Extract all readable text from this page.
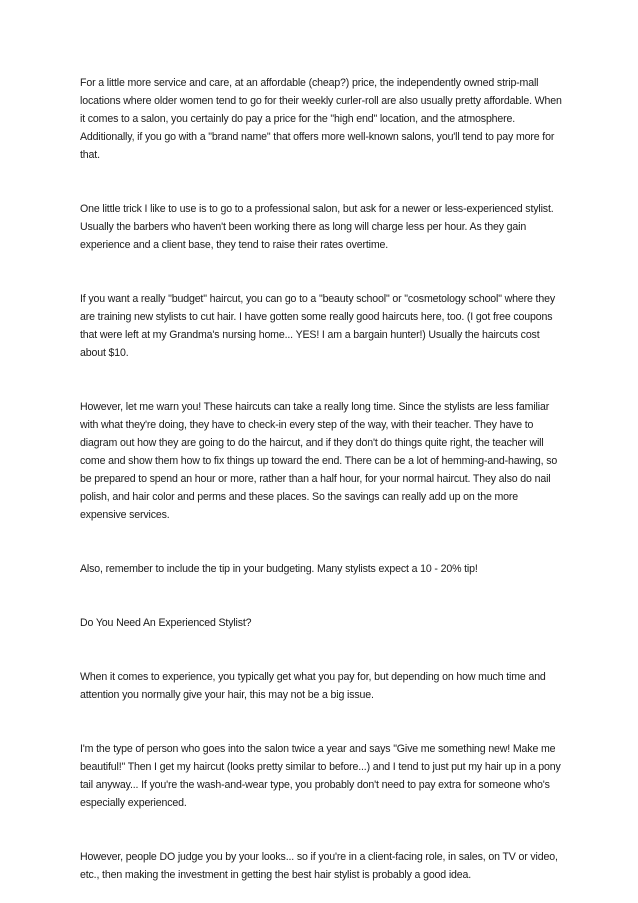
For a little more service and care, at an affordable (cheap?) price, the independently owned strip-mall locations where older women tend to go for their weekly curler-roll are also usually pretty affordable. When it comes to a salon, you certainly do pay a price for the "high end" location, and the atmosphere. Additionally, if you go with a "brand name" that offers more well-known salons, you'll tend to pay more for that.

One little trick I like to use is to go to a professional salon, but ask for a newer or less-experienced stylist. Usually the barbers who haven't been working there as long will charge less per hour. As they gain experience and a client base, they tend to raise their rates overtime.

If you want a really "budget" haircut, you can go to a "beauty school" or "cosmetology school" where they are training new stylists to cut hair. I have gotten some really good haircuts here, too. (I got free coupons that were left at my Grandma's nursing home... YES! I am a bargain hunter!) Usually the haircuts cost about $10.

However, let me warn you! These haircuts can take a really long time. Since the stylists are less familiar with what they're doing, they have to check-in every step of the way, with their teacher. They have to diagram out how they are going to do the haircut, and if they don't do things quite right, the teacher will come and show them how to fix things up toward the end. There can be a lot of hemming-and-hawing, so be prepared to spend an hour or more, rather than a half hour, for your normal haircut. They also do nail polish, and hair color and perms and these places. So the savings can really add up on the more expensive services.

Also, remember to include the tip in your budgeting. Many stylists expect a 10 - 20% tip!

Do You Need An Experienced Stylist?

When it comes to experience, you typically get what you pay for, but depending on how much time and attention you normally give your hair, this may not be a big issue.

I'm the type of person who goes into the salon twice a year and says "Give me something new! Make me beautiful!" Then I get my haircut (looks pretty similar to before...) and I tend to just put my hair up in a pony tail anyway... If you're the wash-and-wear type, you probably don't need to pay extra for someone who's especially experienced.

However, people DO judge you by your looks... so if you're in a client-facing role, in sales, on TV or video, etc., then making the investment in getting the best hair stylist is probably a good idea.
